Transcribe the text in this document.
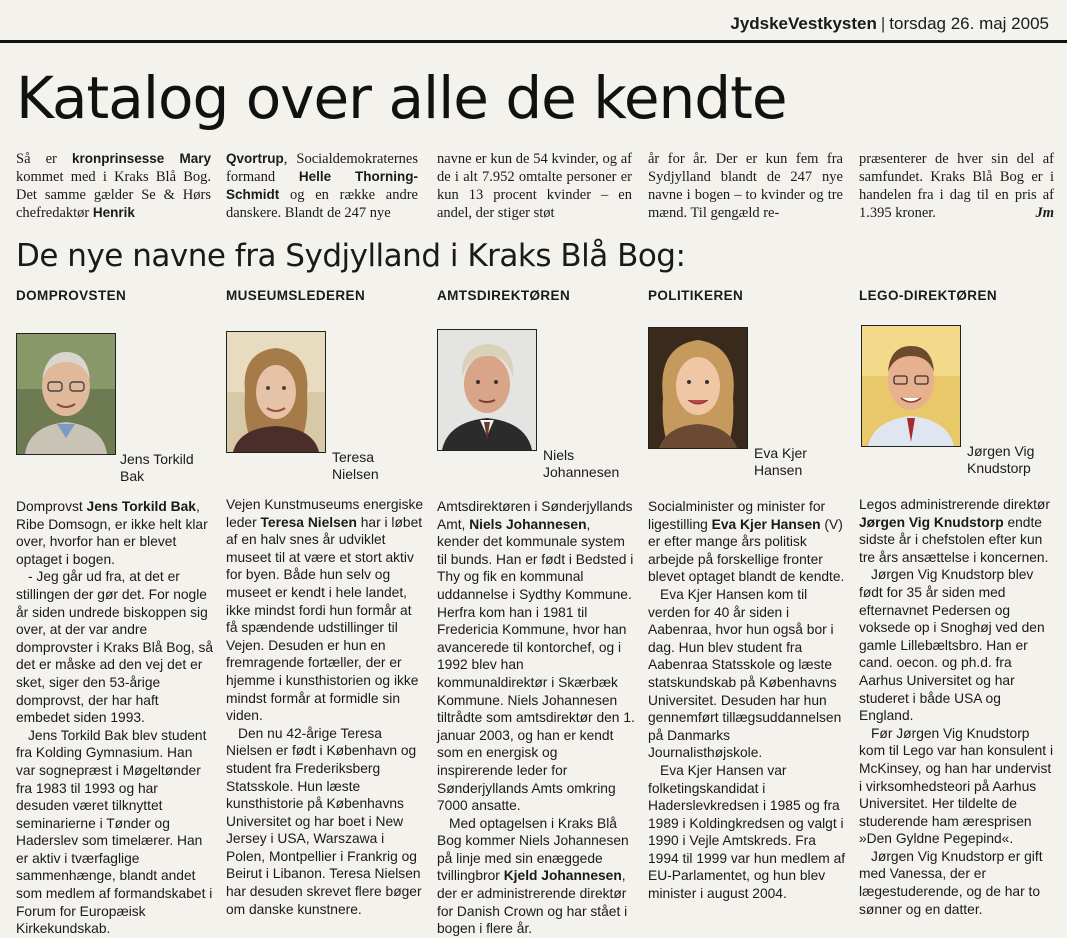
JydskeVestkysten | torsdag 26. maj 2005
Katalog over alle de kendte
Så er kronprinsesse Mary kommet med i Kraks Blå Bog. Det samme gælder Se & Hørs chefredaktør Henrik
Qvortrup, Socialdemokraternes formand Helle Thorning-Schmidt og en række andre danskere. Blandt de 247 nye
navne er kun de 54 kvinder, og af de i alt 7.952 omtalte personer er kun 13 procent kvinder – en andel, der stiger støt
år for år. Der er kun fem fra Sydjylland blandt de 247 nye navne i bogen – to kvinder og tre mænd. Til gengæld re-
præsenterer de hver sin del af samfundet. Kraks Blå Bog er i handelen fra i dag til en pris af 1.395 kroner.	Jm
De nye navne fra Sydjylland i Kraks Blå Bog:
DOMPROVSTEN
Jens Torkild
Bak

Domprovst Jens Torkild Bak, Ribe Domsogn, er ikke helt klar over, hvorfor han er blevet optaget i bogen.

- Jeg går ud fra, at det er stillingen der gør det. For nogle år siden undrede biskoppen sig over, at der var andre domprovster i Kraks Blå Bog, så det er måske ad den vej det er sket, siger den 53-årige domprovst, der har haft embedet siden 1993.

Jens Torkild Bak blev student fra Kolding Gymnasium. Han var sognepræst i Møgeltønder fra 1983 til 1993 og har desuden været tilknyttet seminarierne i Tønder og Haderslev som timelærer. Han er aktiv i tværfaglige sammenhænge, blandt andet som medlem af formandskabet i Forum for Europæisk Kirkekundskab.

MUSEUMSLEDEREN
Teresa
Nielsen

Vejen Kunstmuseums energiske leder Teresa Nielsen har i løbet af en halv snes år udviklet museet til at være et stort aktiv for byen. Både hun selv og museet er kendt i hele landet, ikke mindst fordi hun formår at få spændende udstillinger til Vejen. Desuden er hun en fremragende fortæller, der er hjemme i kunsthistorien og ikke mindst formår at formidle sin viden.

Den nu 42-årige Teresa Nielsen er født i København og student fra Frederiksberg Statsskole. Hun læste kunsthistorie på Københavns Universitet og har boet i New Jersey i USA, Warszawa i Polen, Montpellier i Frankrig og Beirut i Libanon. Teresa Nielsen har desuden skrevet flere bøger om danske kunstnere.

AMTSDIREKTØREN
Niels
Johannesen

Amtsdirektøren i Sønderjyllands Amt, Niels Johannesen, kender det kommunale system til bunds. Han er født i Bedsted i Thy og fik en kommunal uddannelse i Sydthy Kommune. Herfra kom han i 1981 til Fredericia Kommune, hvor han avancerede til kontorchef, og i 1992 blev han kommunaldirektør i Skærbæk Kommune. Niels Johannesen tiltrådte som amtsdirektør den 1. januar 2003, og han er kendt som en energisk og inspirerende leder for Sønderjyllands Amts omkring 7000 ansatte.

Med optagelsen i Kraks Blå Bog kommer Niels Johannesen på linje med sin enæggede tvillingbror Kjeld Johannesen, der er administrerende direktør for Danish Crown og har stået i bogen i flere år.

POLITIKEREN
Eva Kjer
Hansen

Socialminister og minister for ligestilling Eva Kjer Hansen (V) er efter mange års politisk arbejde på forskellige fronter blevet optaget blandt de kendte.

Eva Kjer Hansen kom til verden for 40 år siden i Aabenraa, hvor hun også bor i dag. Hun blev student fra Aabenraa Statsskole og læste statskundskab på Københavns Universitet. Desuden har hun gennemført tillægsuddannelsen på Danmarks Journalisthøjskole.

Eva Kjer Hansen var folketingskandidat i Haderslevkredsen i 1985 og fra 1989 i Koldingkredsen og valgt i 1990 i Vejle Amtskreds. Fra 1994 til 1999 var hun medlem af EU-Parlamentet, og hun blev minister i august 2004.

LEGO-DIREKTØREN
Jørgen Vig
Knudstorp

Legos administrerende direktør Jørgen Vig Knudstorp endte sidste år i chefstolen efter kun tre års ansættelse i koncernen.

Jørgen Vig Knudstorp blev født for 35 år siden med efternavnet Pedersen og voksede op i Snoghøj ved den gamle Lillebæltsbro. Han er cand. oecon. og ph.d. fra Aarhus Universitet og har studeret i både USA og England.

Før Jørgen Vig Knudstorp kom til Lego var han konsulent i McKinsey, og han har undervist i virksomhedsteori på Aarhus Universitet. Her tildelte de studerende ham æresprisen »Den Gyldne Pegepind«.

Jørgen Vig Knudstorp er gift med Vanessa, der er lægestuderende, og de har to sønner og en datter.
